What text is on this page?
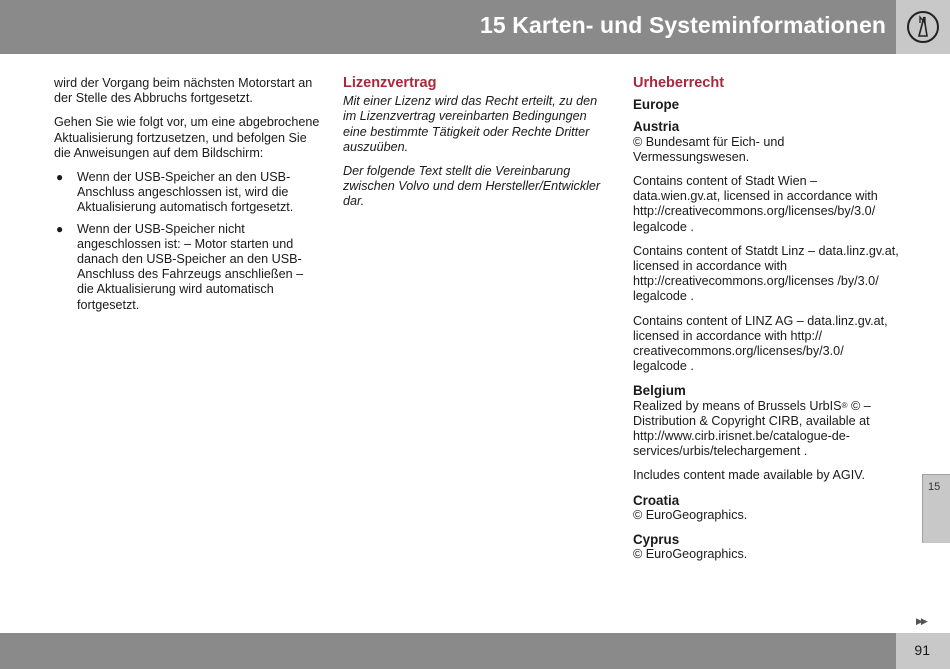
15 Karten- und Systeminformationen

wird der Vorgang beim nächsten Motorstart an der Stelle des Abbruchs fortgesetzt.

Gehen Sie wie folgt vor, um eine abgebrochene Aktualisierung fortzusetzen, und befolgen Sie die Anweisungen auf dem Bildschirm:

● Wenn der USB-Speicher an den USB-Anschluss angeschlossen ist, wird die Aktualisierung automatisch fortgesetzt.
● Wenn der USB-Speicher nicht angeschlossen ist: – Motor starten und danach den USB-Speicher an den USB-Anschluss des Fahrzeugs anschließen – die Aktualisierung wird automatisch fortgesetzt.
Lizenzvertrag

Mit einer Lizenz wird das Recht erteilt, zu den im Lizenzvertrag vereinbarten Bedingungen eine bestimmte Tätigkeit oder Rechte Dritter auszuüben.

Der folgende Text stellt die Vereinbarung zwischen Volvo und dem Hersteller/Entwickler dar.

Urheberrecht
Europe
Austria

© Bundesamt für Eich- und Vermessungswesen.

Contains content of Stadt Wien – data.wien.gv.at, licensed in accordance with http://creativecommons.org/licenses/by/3.0/ legalcode .

Contains content of Statdt Linz – data.linz.gv.at, licensed in accordance with http://creativecommons.org/licenses /by/3.0/ legalcode .

Contains content of LINZ AG – data.linz.gv.at, licensed in accordance with http:// creativecommons.org/licenses/by/3.0/ legalcode .

Belgium

Realized by means of Brussels UrbIS® © – Distribution & Copyright CIRB, available at http://www.cirb.irisnet.be/catalogue-de-services/urbis/telechargement .

Includes content made available by AGIV.

Croatia

© EuroGeographics.

Cyprus

© EuroGeographics.

15
▶▶
91
